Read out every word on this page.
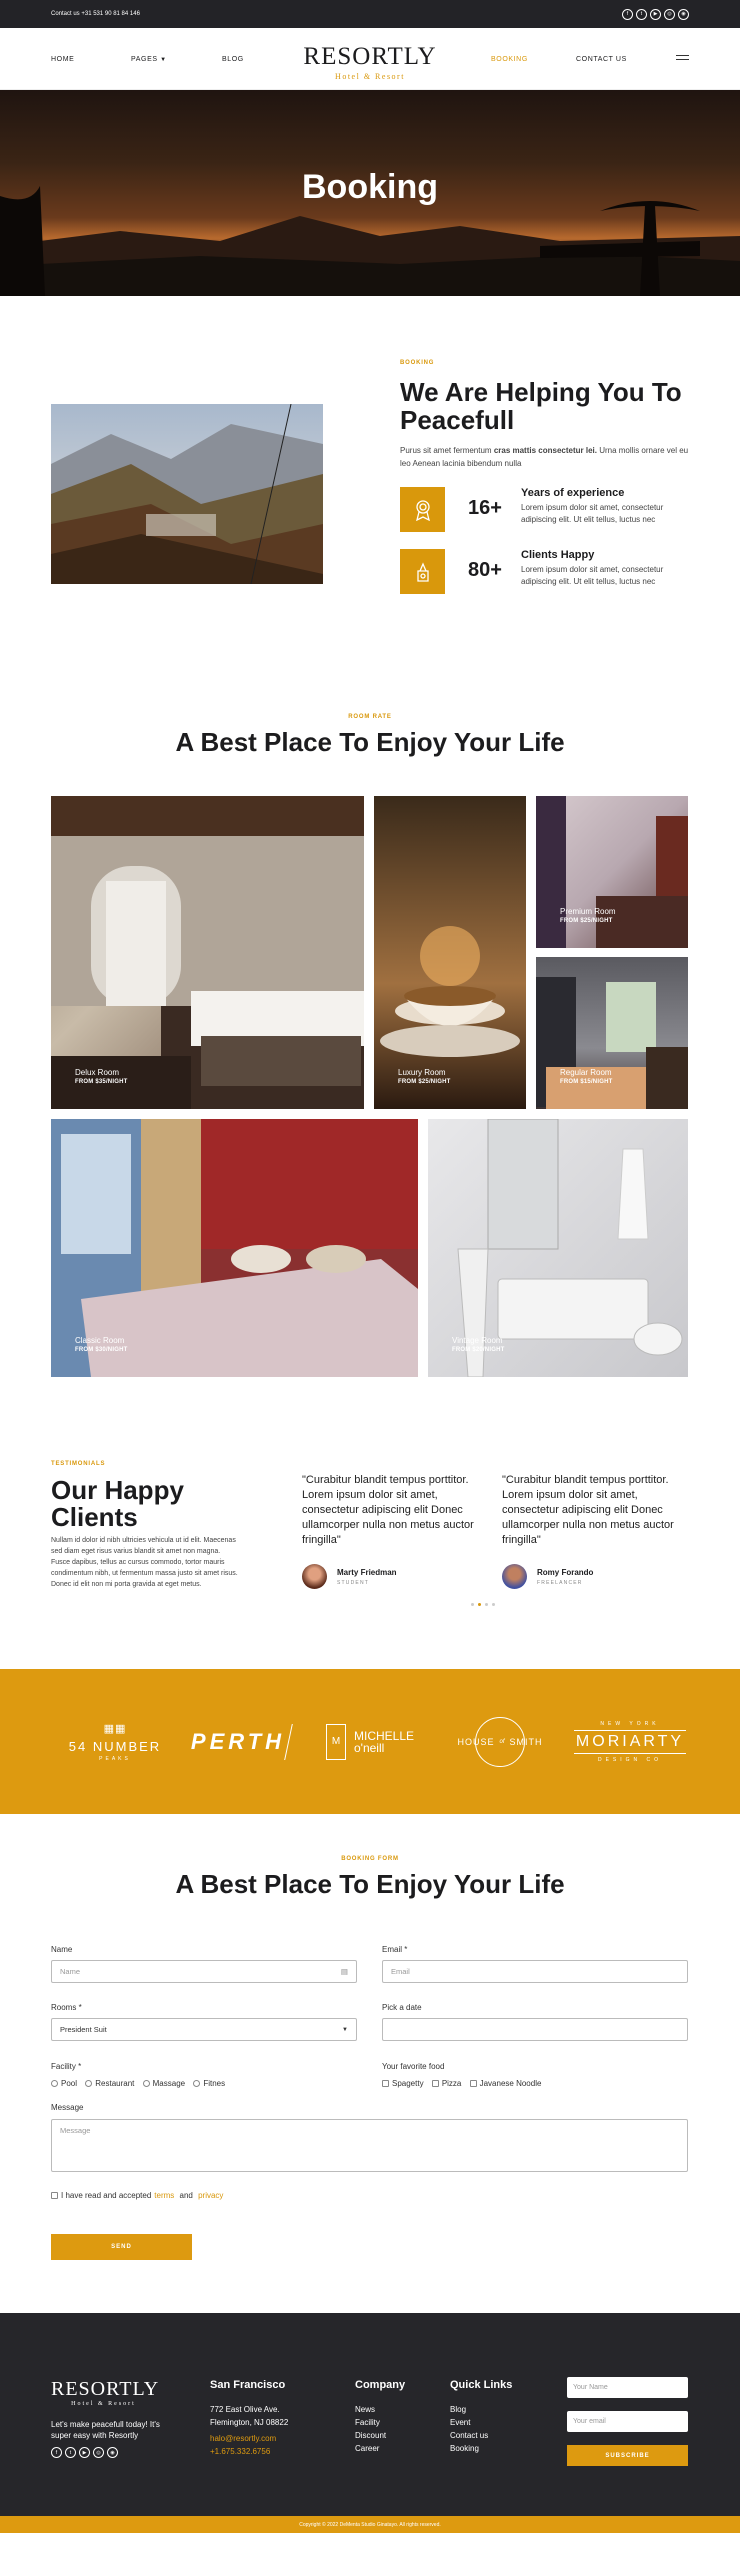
Contact us +31 531 90 81 84 146	f	t	▶	◎	◉
HOME	PAGES ▼	BLOG RESORTLY
Hotel & Resort
BOOKING	CONTACT US
Booking
BOOKING
We Are Helping You To Peacefull

Purus sit amet fermentum cras mattis consectetur lei. Urna mollis ornare vel eu leo Aenean lacinia bibendum nulla

16+
Years of experience

Lorem ipsum dolor sit amet, consectetur adipiscing elit. Ut elit tellus, luctus nec

80+
Clients Happy

Lorem ipsum dolor sit amet, consectetur adipiscing elit. Ut elit tellus, luctus nec

ROOM RATE
A Best Place To Enjoy Your Life
Delux Room
FROM $35/NIGHT
Luxury Room
FROM $25/NIGHT
Premium Room
FROM $25/NIGHT
Regular Room
FROM $15/NIGHT
Classic Room
FROM $30/NIGHT
Vintage Room
FROM $20/NIGHT
TESTIMONIALS
Our Happy Clients

Nullam id dolor id nibh ultricies vehicula ut id elit. Maecenas sed diam eget risus varius blandit sit amet non magna. Fusce dapibus, tellus ac cursus commodo, tortor mauris condimentum nibh, ut fermentum massa justo sit amet risus. Donec id elit non mi porta gravida at eget metus.

"Curabitur blandit tempus porttitor. Lorem ipsum dolor sit amet, consectetur adipiscing elit Donec ullamcorper nulla non metus auctor fringilla"
Marty Friedman
STUDENT
"Curabitur blandit tempus porttitor. Lorem ipsum dolor sit amet, consectetur adipiscing elit Donec ullamcorper nulla non metus auctor fringilla"
Romy Forando
FREELANCER
▦▦
54 NUMBER
PEAKS
PERTH	M	MICHELLE
o'neill	HOUSE of SMITH
NEW YORK
MORIARTY
DESIGN CO
BOOKING FORM
A Best Place To Enjoy Your Life
Name
Name	▤
Email *
Email
Rooms *
President Suit	▼
Pick a date
Facility *
Pool
Restaurant
Massage
Fitnes
Your favorite food
Spagetty
Pizza
Javanese Noodle
Message
Message
I have read and accepted terms and privacy
SEND
RESORTLY
Hotel & Resort

Let's make peacefull today! It's super easy with Resortly

f	t	▶	◎	◉
San Francisco

772 East Olive Ave.

Flemington, NJ 08822

halo@resortly.com

+1.675.332.6756

Company

News

Facility

Discount

Career

Quick Links

Blog

Event

Contact us

Booking

Your Name
Your email
SUBSCRIBE
Copyright © 2022 DeMenta Studio Ginatayo. All rights reserved.
